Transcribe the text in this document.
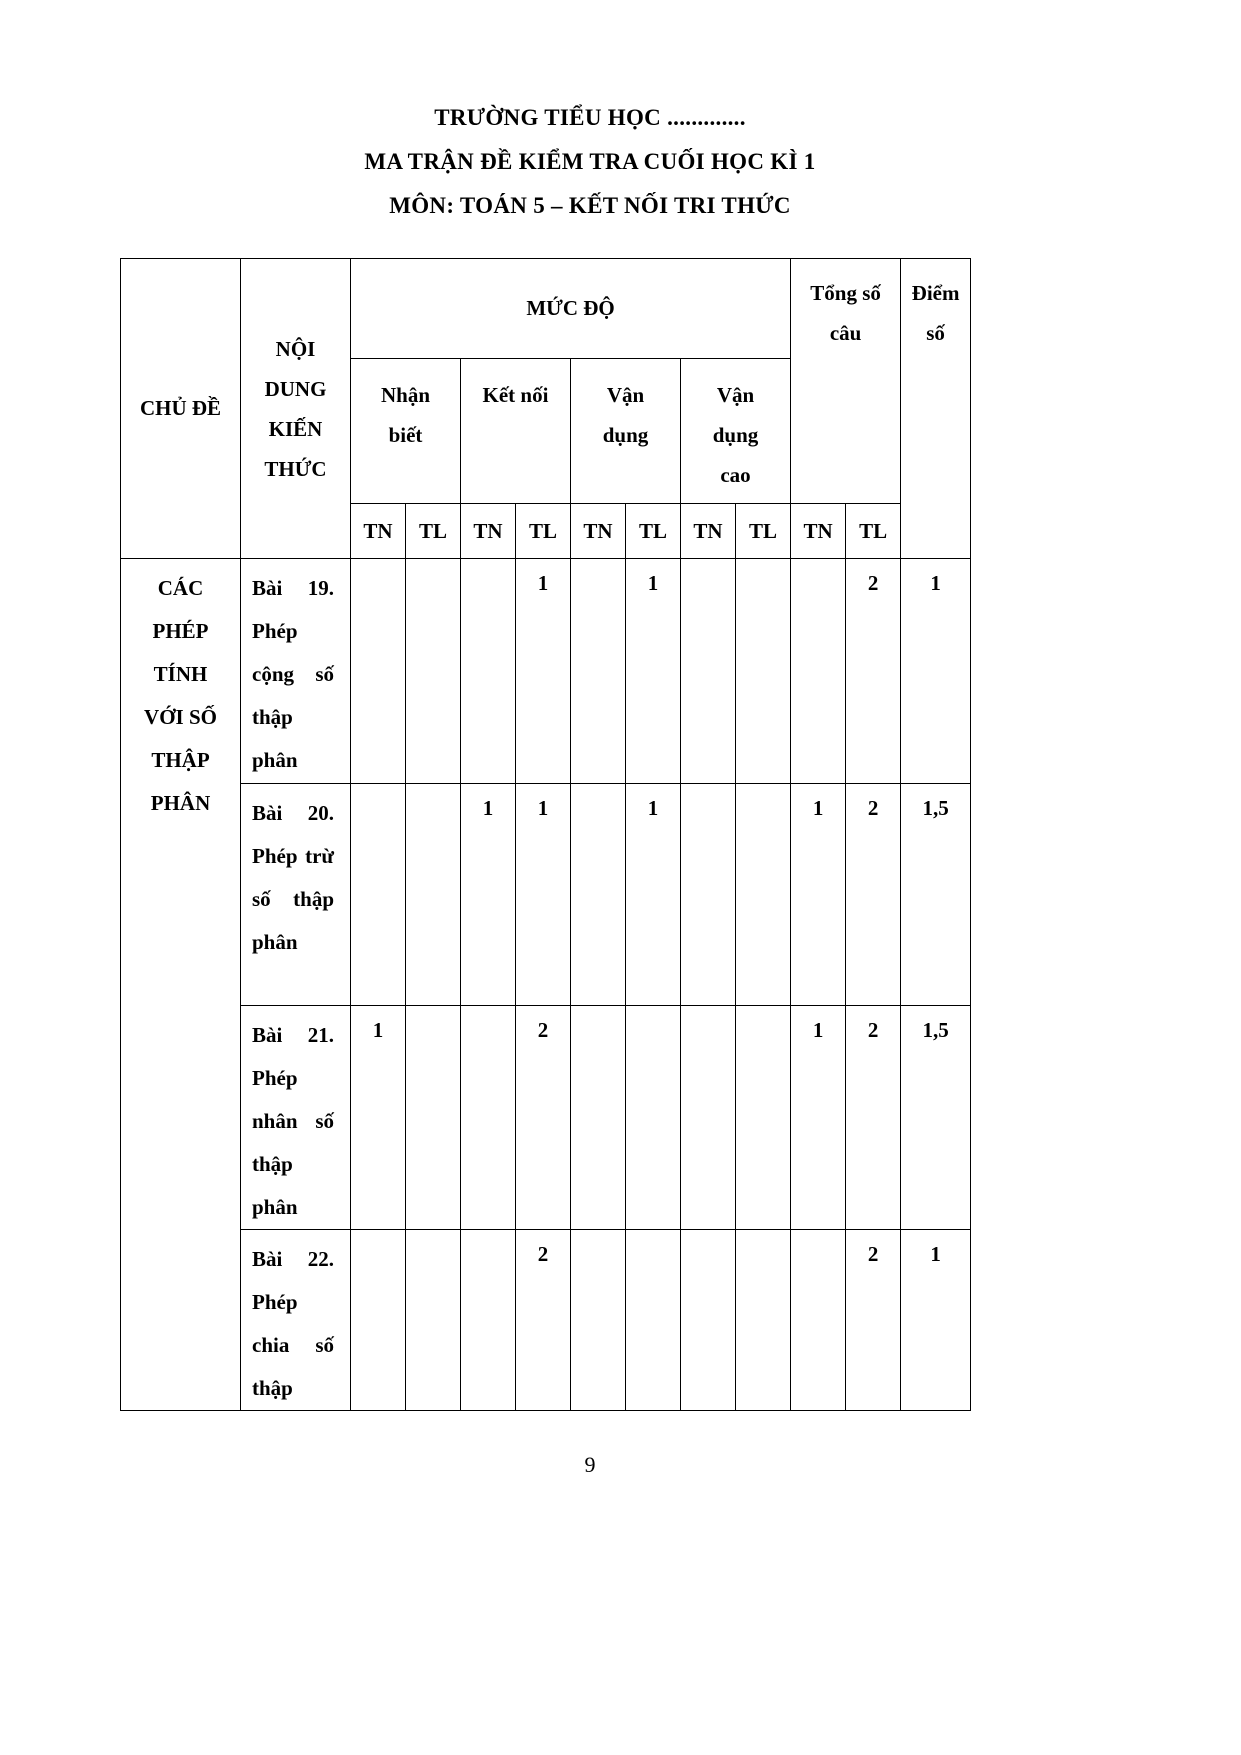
TRƯỜNG TIỂU HỌC .............
MA TRẬN ĐỀ KIỂM TRA CUỐI HỌC KÌ 1
MÔN: TOÁN 5 – KẾT NỐI TRI THỨC
CHỦ ĐỀ	NỘI DUNG KIẾN THỨC	MỨC ĐỘ								Tổng số câu		Điểm số

		Nhận biết		Kết nối		Vận dụng		Vận dụng cao				

		TN	TL	TN	TL	TN	TL	TN	TL	TN	TL	

CÁC PHÉP TÍNH VỚI SỐ THẬP PHÂN	Bài 19. Phép cộng số thập phân				1		1				2	1

	Bài 20. Phép trừ số thập phân			1	1		1			1	2	1,5

	Bài 21. Phép nhân số thập phân	1			2					1	2	1,5

	Bài 22. Phép chia số thập				2						2	1
9
